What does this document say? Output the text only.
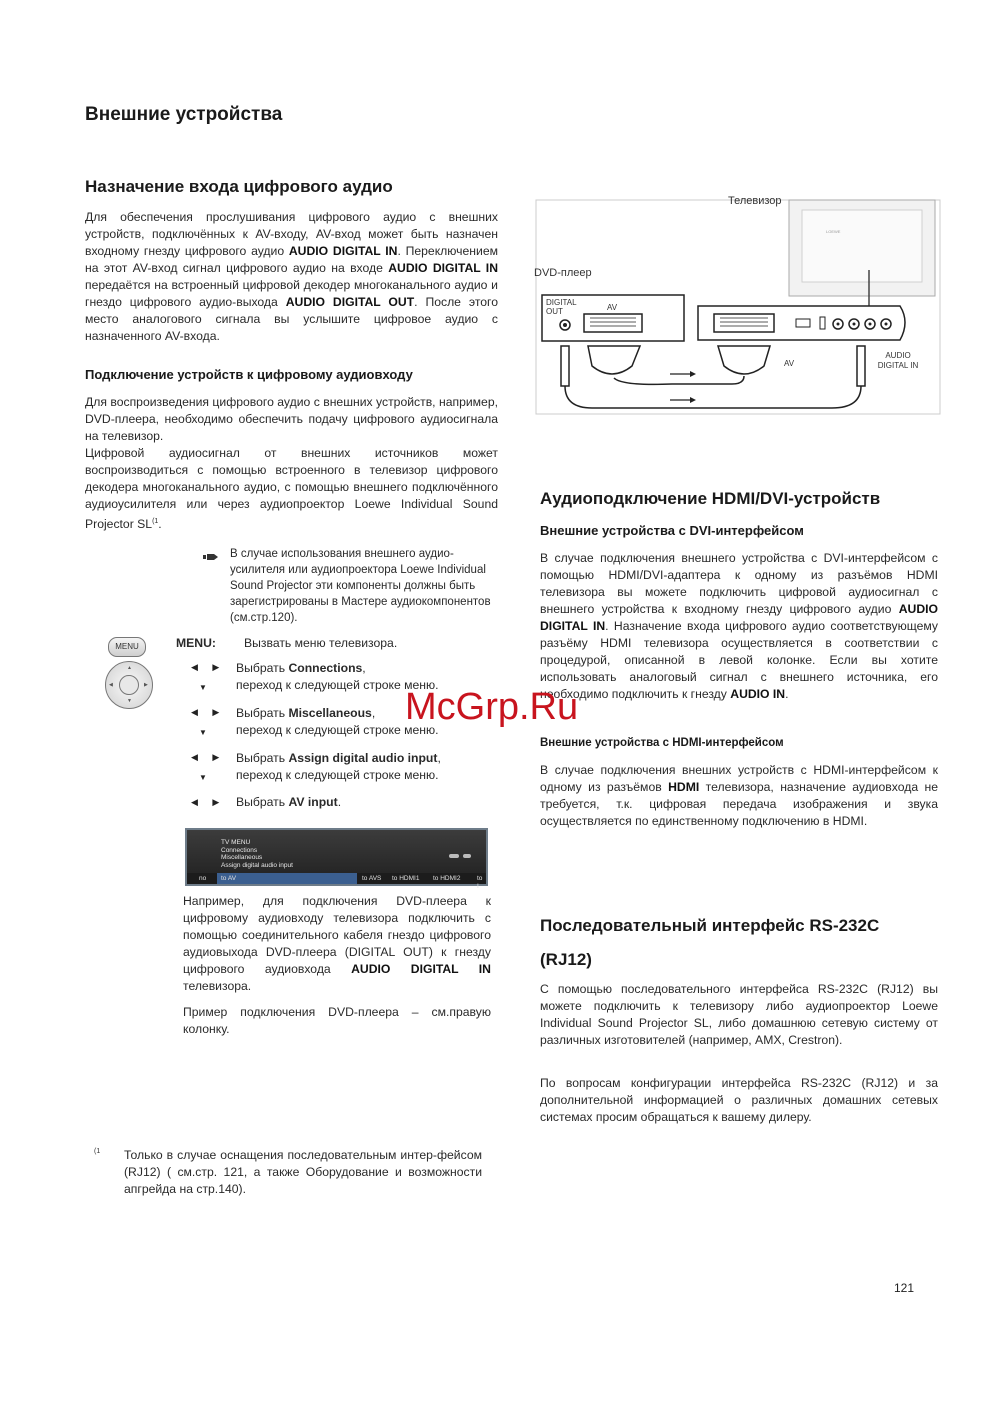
Внешние устройства
Назначение входа цифрового аудио

Для обеспечения прослушивания цифрового аудио с внешних устройств, подключённых к AV-входу, AV-вход может быть назначен входному гнезду цифрового аудио AUDIO DIGITAL IN. Переключением на этот AV-вход сигнал цифрового аудио на входе AUDIO DIGITAL IN передаётся на встроенный цифровой декодер многоканального аудио и гнездо цифрового аудио-выхода AUDIO DIGITAL OUT. После этого место аналогового сигнала вы услышите цифровое аудио с назначенного AV-входа.

Подключение устройств к цифровому аудиовходу

Для воспроизведения цифрового аудио с внешних устройств, например, DVD-плеера, необходимо обеспечить подачу цифрового аудиосигнала на телевизор.

Цифровой аудиосигнал от внешних источников может воспроизводиться с помощью встроенного в телевизор цифрового декодера многоканального аудио, с помощью внешнего подключённого аудиоусилителя или через аудиопроектор Loewe Individual Sound Projector SL$^{(1}$.

В случае использования внешнего аудио-усилителя или аудиопроектора Loewe Individual Sound Projector эти компоненты должны быть зарегистрированы в Мастере аудиокомпонентов (см.стр.120).

MENU
▲
▼
◀	▶
MENU: Вызвать меню телевизора.
◀ ▶
▼
Выбрать Connections,
переход к следующей строке меню.
◀ ▶
▼
Выбрать Miscellaneous,
переход к следующей строке меню.
◀ ▶
▼
Выбрать Assign digital audio input,
переход к следующей строке меню.
◀ ▶ Выбрать AV input.
TV MENU
Connections
Miscellaneous
Assign digital audio input
no to AV	to AVS to HDMI1 to HDMI2	to I

Например, для подключения DVD-плеера к цифровому аудиовходу телевизора подключить с помощью соединительного кабеля гнездо цифрового аудиовыхода DVD-плеера (DIGITAL OUT) к гнезду цифрового аудиовхода AUDIO DIGITAL IN телевизора.

Пример подключения DVD-плеера – см.правую колонку.

(1 Только в случае оснащения последовательным интер-фейсом (RJ12) ( см.стр. 121, а также Оборудование и возможности апгрейда на стр.140).

Телевизор
LOEWE
DVD-плеер
DIGITAL OUT	AV
AV
AUDIO DIGITAL IN
Аудиоподключение HDMI/DVI-устройств
Внешние устройства с DVI-интерфейсом

В случае подключения внешнего устройства с DVI-интерфейсом с помощью HDMI/DVI-адаптера к одному из разъёмов HDMI телевизора вы можете подключить цифровой аудиосигнал с внешнего устройства к входному гнезду цифрового аудио AUDIO DIGITAL IN. Назначение входа цифрового аудио соответствующему разъёму HDMI телевизора осуществляется в соответствии с процедурой, описанной в левой колонке. Если вы хотите использовать аналоговый сигнал с внешнего источника, его необходимо подключить к гнезду AUDIO IN.

Внешние устройства с HDMI-интерфейсом

В случае подключения внешних устройств с HDMI-интерфейсом к одному из разъёмов HDMI телевизора, назначение аудиовхода не требуется, т.к. цифровая передача изображения и звука осуществляется по единственному подключению в HDMI.

Последовательный интерфейс RS-232C
(RJ12)

С помощью последовательного интерфейса RS-232C (RJ12) вы можете подключить к телевизору либо аудиопроектор Loewe Individual Sound Projector SL, либо домашнюю сетевую систему от различных изготовителей (например, AMX, Crestron).

По вопросам конфигурации интерфейса RS-232C (RJ12) и за дополнительной информацией о различных домашних сетевых системах просим обращаться к вашему дилеру.

McGrp.Ru
121
